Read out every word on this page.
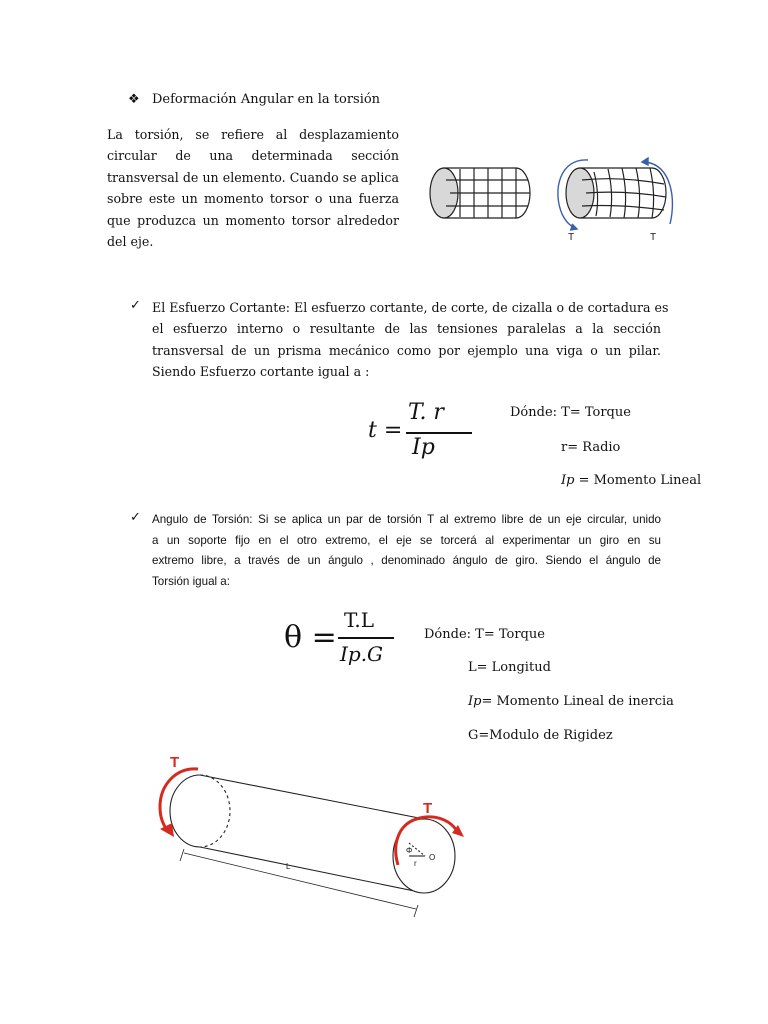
❖ Deformación Angular en la torsión
La torsión, se refiere al desplazamiento
circular de una determinada sección
transversal de un elemento. Cuando se aplica
sobre este un momento torsor o una fuerza
que produzca un momento torsor alrededor
del eje.	T	T
✓ El Esfuerzo Cortante: El esfuerzo cortante, de corte, de cizalla o de cortadura es
el esfuerzo interno o resultante de las tensiones paralelas a la sección
transversal de un prisma mecánico como por ejemplo una viga o un pilar.
Siendo Esfuerzo cortante igual a :
t =
T. r
Ip
Dónde: T= Torque
r= Radio
Ip = Momento Lineal
✓ Angulo de Torsión: Si se aplica un par de torsión T al extremo libre de un eje circular, unido
a un soporte fijo en el otro extremo, el eje se torcerá al experimentar un giro en su
extremo libre, a través de un ángulo , denominado ángulo de giro. Siendo el ángulo de
Torsión igual a:
θ = T.L
Ip.G
Dónde: T= Torque
L= Longitud
Ip= Momento Lineal de inercia
G=Modulo de Rigidez
T
T
Φ
r
O
L
